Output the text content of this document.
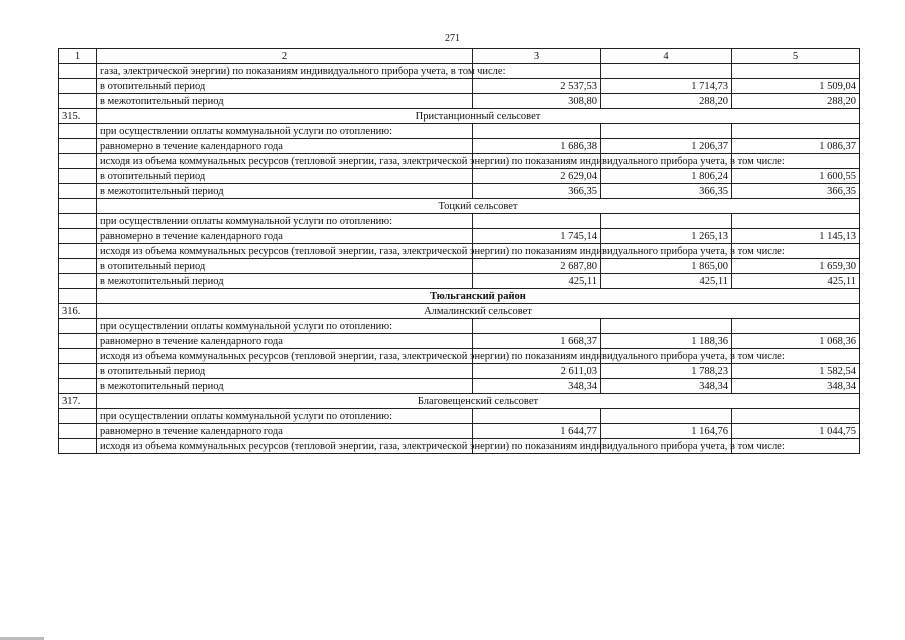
271
1	2	3	4	5
	газа, электрической энергии) по показаниям индивидуального прибора учета, в том числе:			
	в отопительный период	2 537,53	1 714,73	1 509,04
	в межотопительный период	308,80	288,20	288,20
315.	Пристанционный сельсовет			
	при осуществлении оплаты коммунальной услуги по отоплению:			
	равномерно в течение календарного года	1 686,38	1 206,37	1 086,37
	исходя из объема коммунальных ресурсов (тепловой энергии, газа, электрической энергии) по показаниям индивидуального прибора учета, в том числе:			
	в отопительный период	2 629,04	1 806,24	1 600,55
	в межотопительный период	366,35	366,35	366,35
	Тоцкий сельсовет			
	при осуществлении оплаты коммунальной услуги по отоплению:			
	равномерно в течение календарного года	1 745,14	1 265,13	1 145,13
	исходя из объема коммунальных ресурсов (тепловой энергии, газа, электрической энергии) по показаниям индивидуального прибора учета, в том числе:			
	в отопительный период	2 687,80	1 865,00	1 659,30
	в межотопительный период	425,11	425,11	425,11
	Тюльганский район			
316.	Алмалинский сельсовет			
	при осуществлении оплаты коммунальной услуги по отоплению:			
	равномерно в течение календарного года	1 668,37	1 188,36	1 068,36
	исходя из объема коммунальных ресурсов (тепловой энергии, газа, электрической энергии) по показаниям индивидуального прибора учета, в том числе:			
	в отопительный период	2 611,03	1 788,23	1 582,54
	в межотопительный период	348,34	348,34	348,34
317.	Благовещенский сельсовет			
	при осуществлении оплаты коммунальной услуги по отоплению:			
	равномерно в течение календарного года	1 644,77	1 164,76	1 044,75
	исходя из объема коммунальных ресурсов (тепловой энергии, газа, электрической энергии) по показаниям индивидуального прибора учета, в том числе:			
